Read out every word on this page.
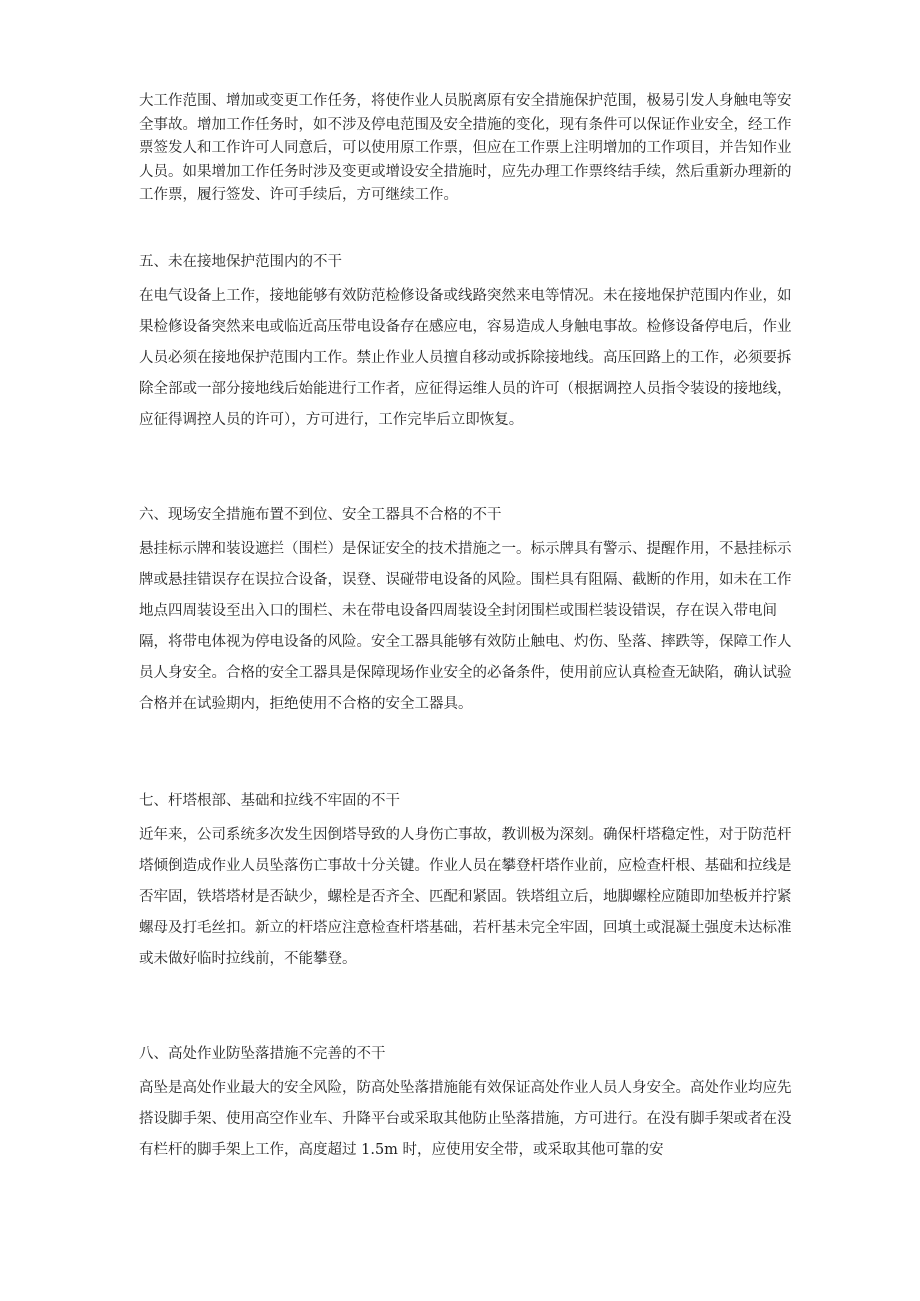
大工作范围、增加或变更工作任务，将使作业人员脱离原有安全措施保护范围，极易引发人身触电等安全事故。增加工作任务时，如不涉及停电范围及安全措施的变化，现有条件可以保证作业安全，经工作票签发人和工作许可人同意后，可以使用原工作票，但应在工作票上注明增加的工作项目，并告知作业人员。如果增加工作任务时涉及变更或增设安全措施时，应先办理工作票终结手续，然后重新办理新的工作票，履行签发、许可手续后，方可继续工作。

五、未在接地保护范围内的不干

在电气设备上工作，接地能够有效防范检修设备或线路突然来电等情况。未在接地保护范围内作业，如果检修设备突然来电或临近高压带电设备存在感应电，容易造成人身触电事故。检修设备停电后，作业人员必须在接地保护范围内工作。禁止作业人员擅自移动或拆除接地线。高压回路上的工作，必须要拆除全部或一部分接地线后始能进行工作者，应征得运维人员的许可（根据调控人员指令装设的接地线，应征得调控人员的许可），方可进行，工作完毕后立即恢复。

六、现场安全措施布置不到位、安全工器具不合格的不干

悬挂标示牌和装设遮拦（围栏）是保证安全的技术措施之一。标示牌具有警示、提醒作用，不悬挂标示牌或悬挂错误存在误拉合设备，误登、误碰带电设备的风险。围栏具有阻隔、截断的作用，如未在工作地点四周装设至出入口的围栏、未在带电设备四周装设全封闭围栏或围栏装设错误，存在误入带电间隔，将带电体视为停电设备的风险。安全工器具能够有效防止触电、灼伤、坠落、摔跌等，保障工作人员人身安全。合格的安全工器具是保障现场作业安全的必备条件，使用前应认真检查无缺陷，确认试验合格并在试验期内，拒绝使用不合格的安全工器具。

七、杆塔根部、基础和拉线不牢固的不干

近年来，公司系统多次发生因倒塔导致的人身伤亡事故，教训极为深刻。确保杆塔稳定性，对于防范杆塔倾倒造成作业人员坠落伤亡事故十分关键。作业人员在攀登杆塔作业前，应检查杆根、基础和拉线是否牢固，铁塔塔材是否缺少，螺栓是否齐全、匹配和紧固。铁塔组立后，地脚螺栓应随即加垫板并拧紧螺母及打毛丝扣。新立的杆塔应注意检查杆塔基础，若杆基未完全牢固，回填土或混凝土强度未达标准或未做好临时拉线前，不能攀登。

八、高处作业防坠落措施不完善的不干

高坠是高处作业最大的安全风险，防高处坠落措施能有效保证高处作业人员人身安全。高处作业均应先搭设脚手架、使用高空作业车、升降平台或采取其他防止坠落措施，方可进行。在没有脚手架或者在没有栏杆的脚手架上工作，高度超过 1.5m 时，应使用安全带，或采取其他可靠的安
